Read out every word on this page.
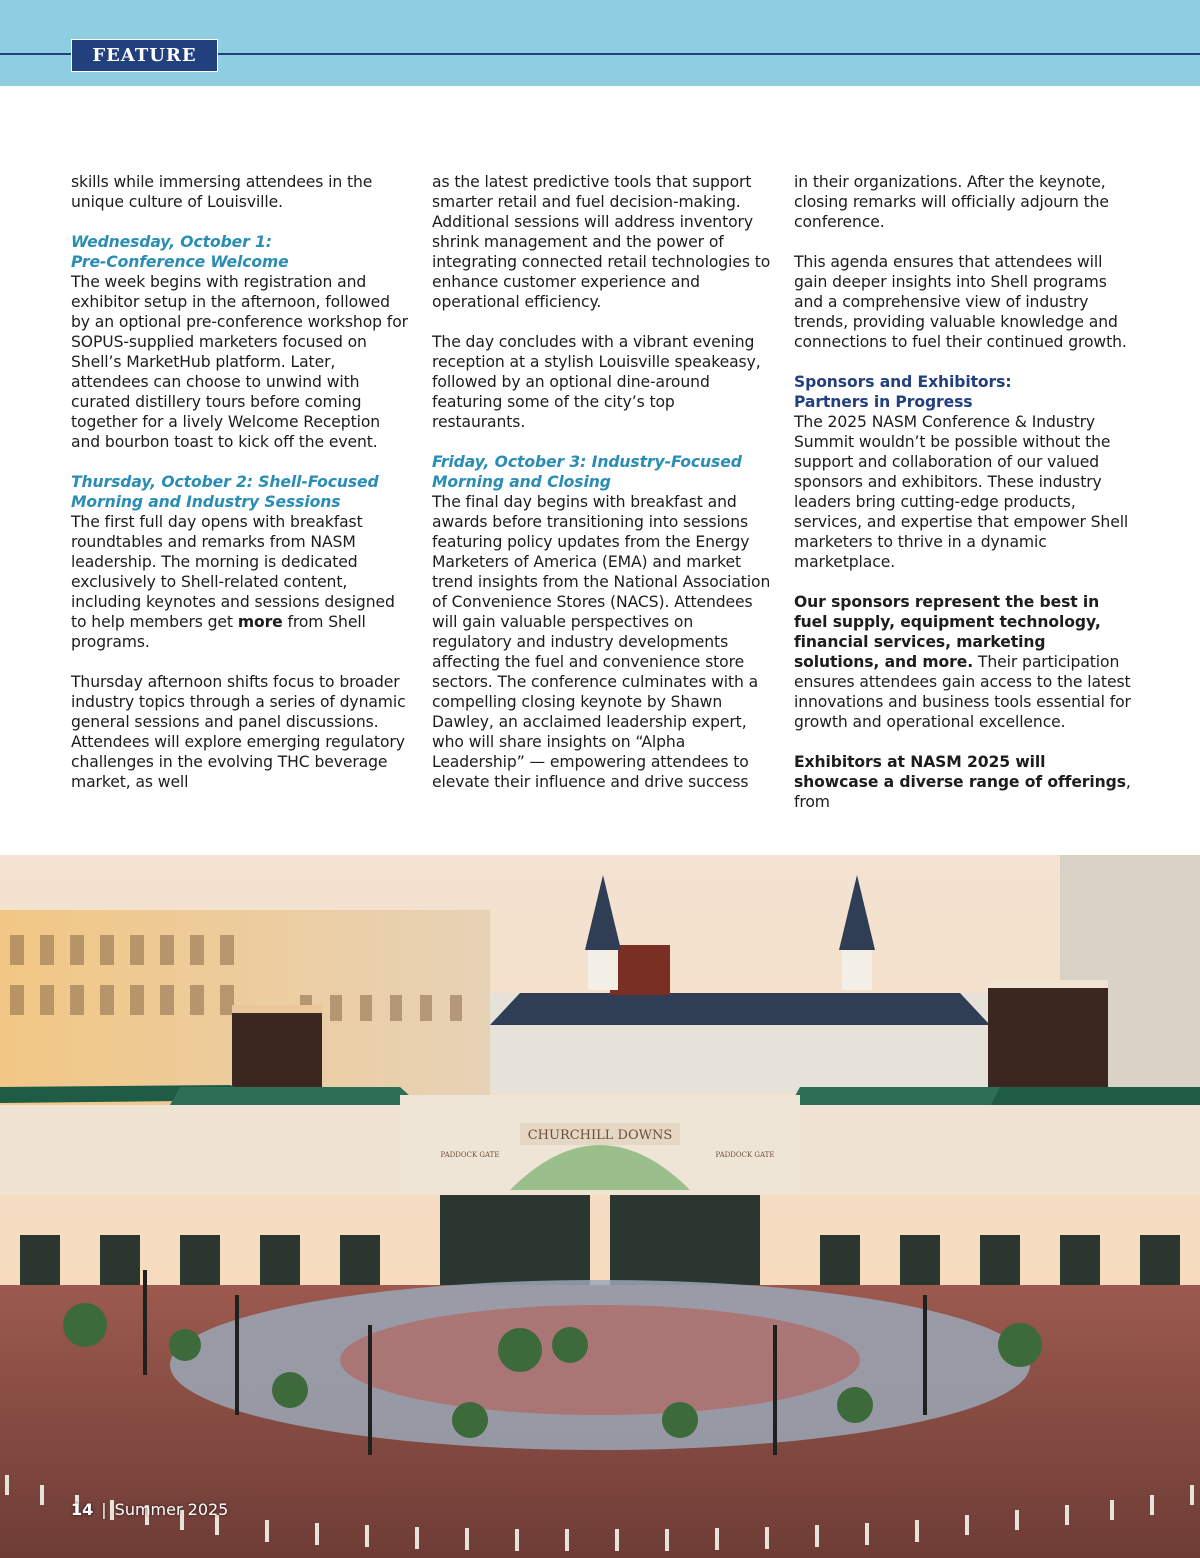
FEATURE

skills while immersing attendees in the unique culture of Louisville.

Wednesday, October 1:
Pre-Conference Welcome
The week begins with registration and exhibitor setup in the afternoon, followed by an optional pre-conference workshop for SOPUS-supplied marketers focused on Shell’s MarketHub platform. Later, attendees can choose to unwind with curated distillery tours before coming together for a lively Welcome Reception and bourbon toast to kick off the event.

Thursday, October 2: Shell-Focused
Morning and Industry Sessions
The first full day opens with breakfast roundtables and remarks from NASM leadership. The morning is dedicated exclusively to Shell-related content, including keynotes and sessions designed to help members get more from Shell programs.

Thursday afternoon shifts focus to broader industry topics through a series of dynamic general sessions and panel discussions. Attendees will explore emerging regulatory challenges in the evolving THC beverage market, as well

as the latest predictive tools that support smarter retail and fuel decision-making. Additional sessions will address inventory shrink management and the power of integrating connected retail technologies to enhance customer experience and operational efficiency.

The day concludes with a vibrant evening reception at a stylish Louisville speakeasy, followed by an optional dine-around featuring some of the city’s top restaurants.

Friday, October 3: Industry-Focused
Morning and Closing
The final day begins with breakfast and awards before transitioning into sessions featuring policy updates from the Energy Marketers of America (EMA) and market trend insights from the National Association of Convenience Stores (NACS). Attendees will gain valuable perspectives on regulatory and industry developments affecting the fuel and convenience store sectors. The conference culminates with a compelling closing keynote by Shawn Dawley, an acclaimed leadership expert, who will share insights on “Alpha Leadership” — empowering attendees to elevate their influence and drive success

in their organizations. After the keynote, closing remarks will officially adjourn the conference.

This agenda ensures that attendees will gain deeper insights into Shell programs and a comprehensive view of industry trends, providing valuable knowledge and connections to fuel their continued growth.

Sponsors and Exhibitors:
Partners in Progress
The 2025 NASM Conference & Industry Summit wouldn’t be possible without the support and collaboration of our valued sponsors and exhibitors. These industry leaders bring cutting-edge products, services, and expertise that empower Shell marketers to thrive in a dynamic marketplace.

Our sponsors represent the best in fuel supply, equipment technology, financial services, marketing solutions, and more. Their participation ensures attendees gain access to the latest innovations and business tools essential for growth and operational excellence.

Exhibitors at NASM 2025 will showcase a diverse range of offerings, from

CHURCHILL DOWNS
PADDOCK GATE	PADDOCK GATE
14 | Summer 2025
